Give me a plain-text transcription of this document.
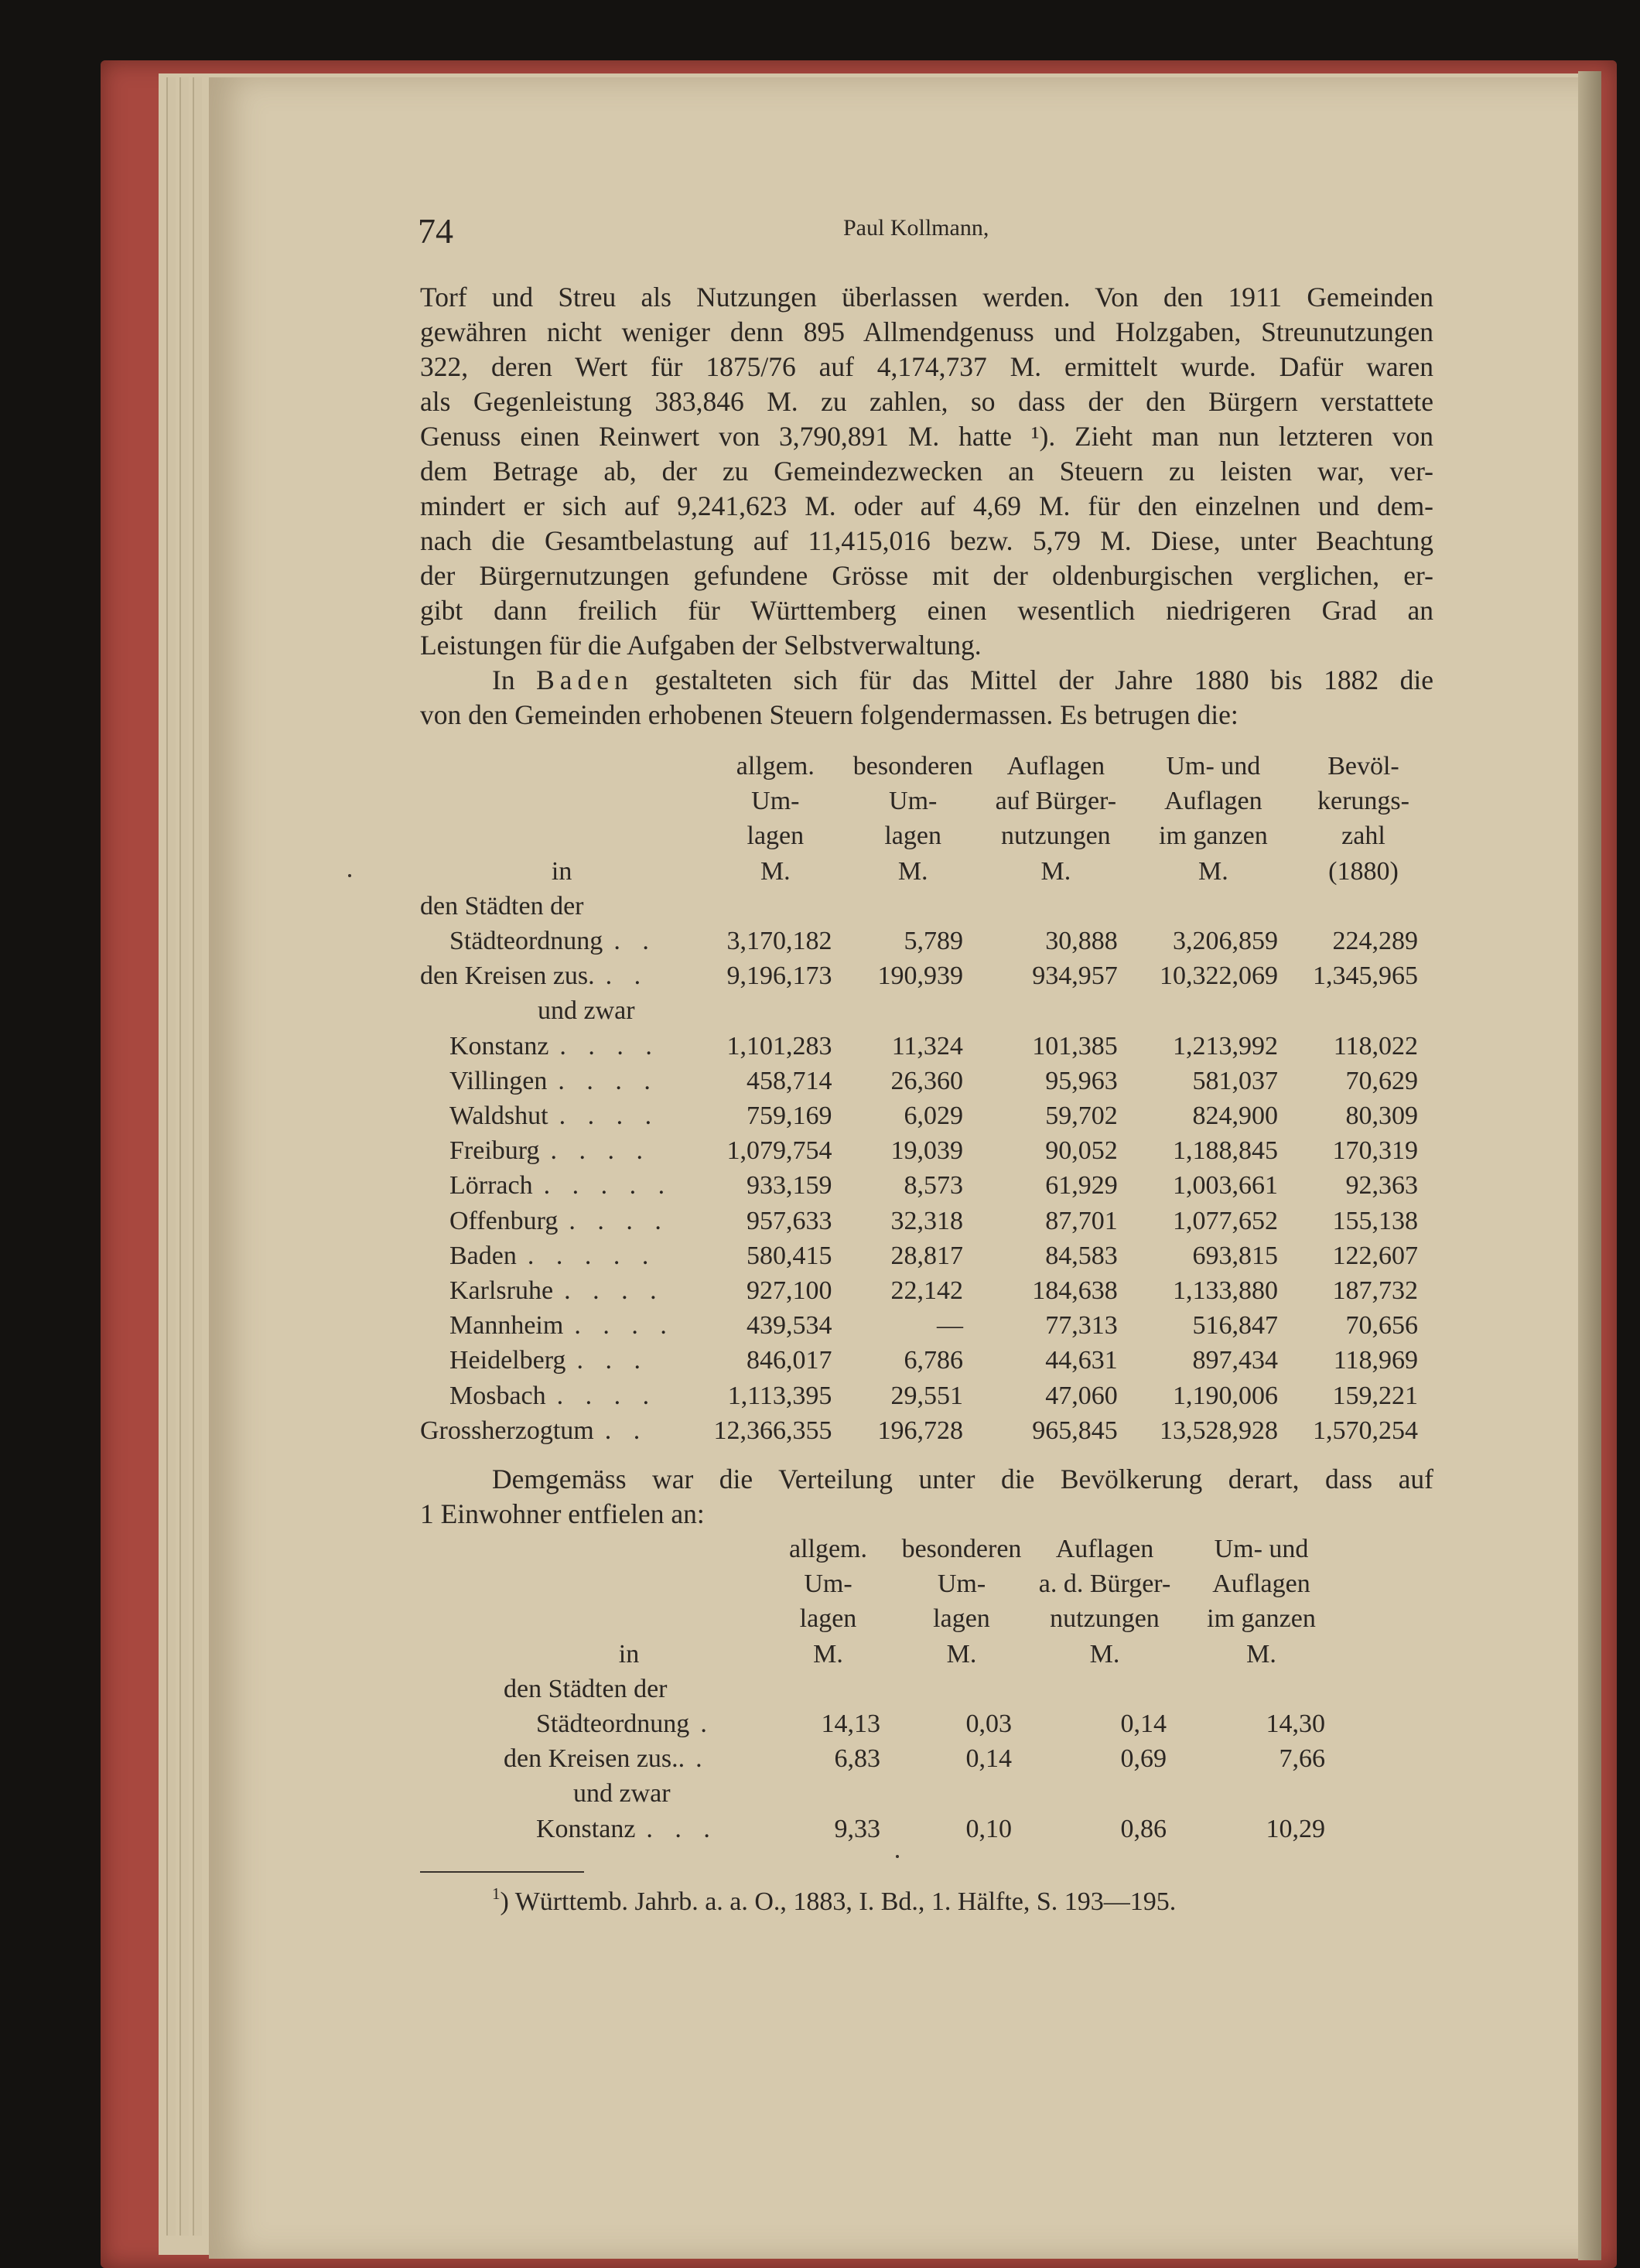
74	Paul Kollmann,
Torf und Streu als Nutzungen überlassen werden. Von den 1911 Gemeinden
gewähren nicht weniger denn 895 Allmendgenuss und Holzgaben, Streunutzungen
322, deren Wert für 1875/76 auf 4,174,737 M. ermittelt wurde. Dafür waren
als Gegenleistung 383,846 M. zu zahlen, so dass der den Bürgern verstattete
Genuss einen Reinwert von 3,790,891 M. hatte ¹). Zieht man nun letzteren von
dem Betrage ab, der zu Gemeindezwecken an Steuern zu leisten war, ver-
mindert er sich auf 9,241,623 M. oder auf 4,69 M. für den einzelnen und dem-
nach die Gesamtbelastung auf 11,415,016 bezw. 5,79 M. Diese, unter Beachtung
der Bürgernutzungen gefundene Grösse mit der oldenburgischen verglichen, er-
gibt dann freilich für Württemberg einen wesentlich niedrigeren Grad an
Leistungen für die Aufgaben der Selbstverwaltung.
In Baden gestalteten sich für das Mittel der Jahre 1880 bis 1882 die
von den Gemeinden erhobenen Steuern folgendermassen. Es betrugen die:
	allgem.	besonderen	Auflagen	Um- und	Bevöl-
	Um-	Um-	auf Bürger-	Auflagen	kerungs-
	lagen	lagen	nutzungen	im ganzen	zahl
in	M.	M.	M.	M.	(1880)
den Städten der					
Städteordnung . .	3,170,182	5,789	30,888	3,206,859	224,289
den Kreisen zus. . .	9,196,173	190,939	934,957	10,322,069	1,345,965
und zwar					
Konstanz . . . .	1,101,283	11,324	101,385	1,213,992	118,022
Villingen . . . .	458,714	26,360	95,963	581,037	70,629
Waldshut . . . .	759,169	6,029	59,702	824,900	80,309
Freiburg . . . .	1,079,754	19,039	90,052	1,188,845	170,319
Lörrach . . . . .	933,159	8,573	61,929	1,003,661	92,363
Offenburg . . . .	957,633	32,318	87,701	1,077,652	155,138
Baden . . . . .	580,415	28,817	84,583	693,815	122,607
Karlsruhe . . . .	927,100	22,142	184,638	1,133,880	187,732
Mannheim . . . .	439,534	—	77,313	516,847	70,656
Heidelberg . . .	846,017	6,786	44,631	897,434	118,969
Mosbach . . . .	1,113,395	29,551	47,060	1,190,006	159,221
Grossherzogtum . .	12,366,355	196,728	965,845	13,528,928	1,570,254
Demgemäss war die Verteilung unter die Bevölkerung derart, dass auf
1 Einwohner entfielen an:
	allgem.	besonderen	Auflagen	Um- und
	Um-	Um-	a. d. Bürger-	Auflagen
	lagen	lagen	nutzungen	im ganzen
in	M.	M.	M.	M.
den Städten der				
Städteordnung .	14,13	0,03	0,14	14,30
den Kreisen zus.. .	6,83	0,14	0,69	7,66
und zwar				
Konstanz . . .	9,33	0,10	0,86	10,29
$^1$) Württemb. Jahrb. a. a. O., 1883, I. Bd., 1. Hälfte, S. 193—195.
